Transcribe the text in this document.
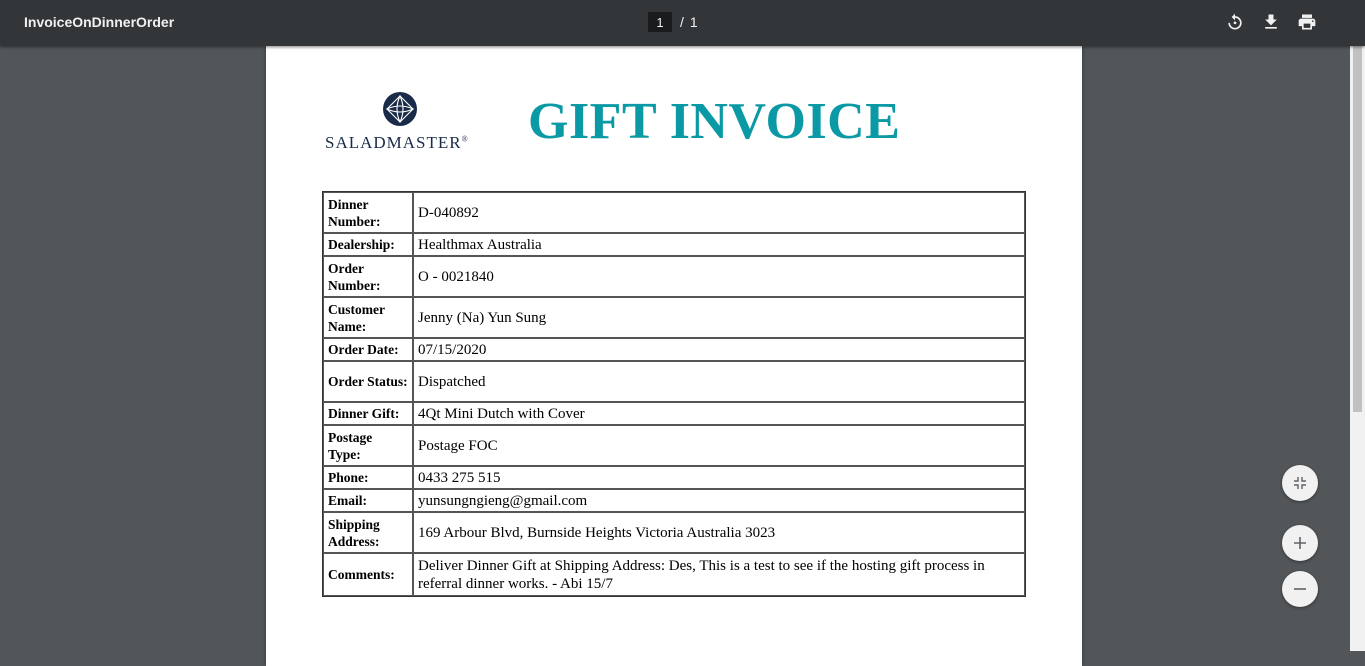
InvoiceOnDinnerOrder	1	/ 1
SALADMASTER® GIFT INVOICE
Dinner Number:	D-040892
Dealership:	Healthmax Australia
Order Number:	O - 0021840
Customer Name:	Jenny (Na) Yun Sung
Order Date:	07/15/2020
Order Status:	Dispatched
Dinner Gift:	4Qt Mini Dutch with Cover
Postage Type:	Postage FOC
Phone:	0433 275 515
Email:	yunsungngieng@gmail.com
Shipping Address:	169 Arbour Blvd, Burnside Heights Victoria Australia 3023
Comments:	Deliver Dinner Gift at Shipping Address: Des, This is a test to see if the hosting gift process in referral dinner works. - Abi 15/7
